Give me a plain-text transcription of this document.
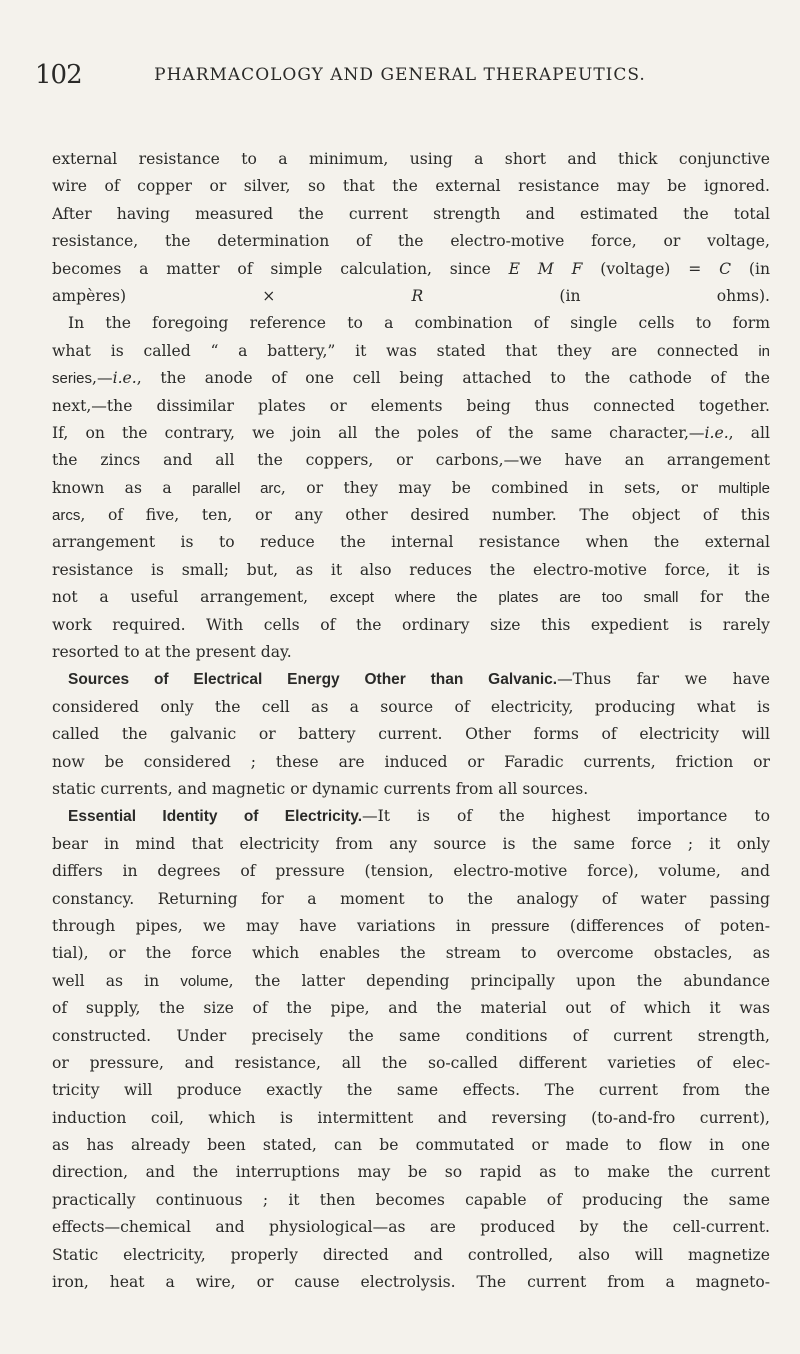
102	PHARMACOLOGY AND GENERAL THERAPEUTICS.
external resistance to a minimum, using a short and thick conjunctive
wire of copper or silver, so that the external resistance may be ignored.
After having measured the current strength and estimated the total
resistance, the determination of the electro-motive force, or voltage,
becomes a matter of simple calculation, since E M F (voltage) = C (in
ampères) × R (in ohms).
In the foregoing reference to a combination of single cells to form
what is called “ a battery,” it was stated that they are connected in
series,—i.e., the anode of one cell being attached to the cathode of the
next,—the dissimilar plates or elements being thus connected together.
If, on the contrary, we join all the poles of the same character,—i.e., all
the zincs and all the coppers, or carbons,—we have an arrangement
known as a parallel arc, or they may be combined in sets, or multiple
arcs, of five, ten, or any other desired number. The object of this
arrangement is to reduce the internal resistance when the external
resistance is small; but, as it also reduces the electro-motive force, it is
not a useful arrangement, except where the plates are too small for the
work required. With cells of the ordinary size this expedient is rarely
resorted to at the present day.
Sources of Electrical Energy Other than Galvanic.—Thus far we have
considered only the cell as a source of electricity, producing what is
called the galvanic or battery current. Other forms of electricity will
now be considered ; these are induced or Faradic currents, friction or
static currents, and magnetic or dynamic currents from all sources.
Essential Identity of Electricity.—It is of the highest importance to
bear in mind that electricity from any source is the same force ; it only
differs in degrees of pressure (tension, electro-motive force), volume, and
constancy. Returning for a moment to the analogy of water passing
through pipes, we may have variations in pressure (differences of poten-
tial), or the force which enables the stream to overcome obstacles, as
well as in volume, the latter depending principally upon the abundance
of supply, the size of the pipe, and the material out of which it was
constructed. Under precisely the same conditions of current strength,
or pressure, and resistance, all the so-called different varieties of elec-
tricity will produce exactly the same effects. The current from the
induction coil, which is intermittent and reversing (to-and-fro current),
as has already been stated, can be commutated or made to flow in one
direction, and the interruptions may be so rapid as to make the current
practically continuous ; it then becomes capable of producing the same
effects—chemical and physiological—as are produced by the cell-current.
Static electricity, properly directed and controlled, also will magnetize
iron, heat a wire, or cause electrolysis. The current from a magneto-
